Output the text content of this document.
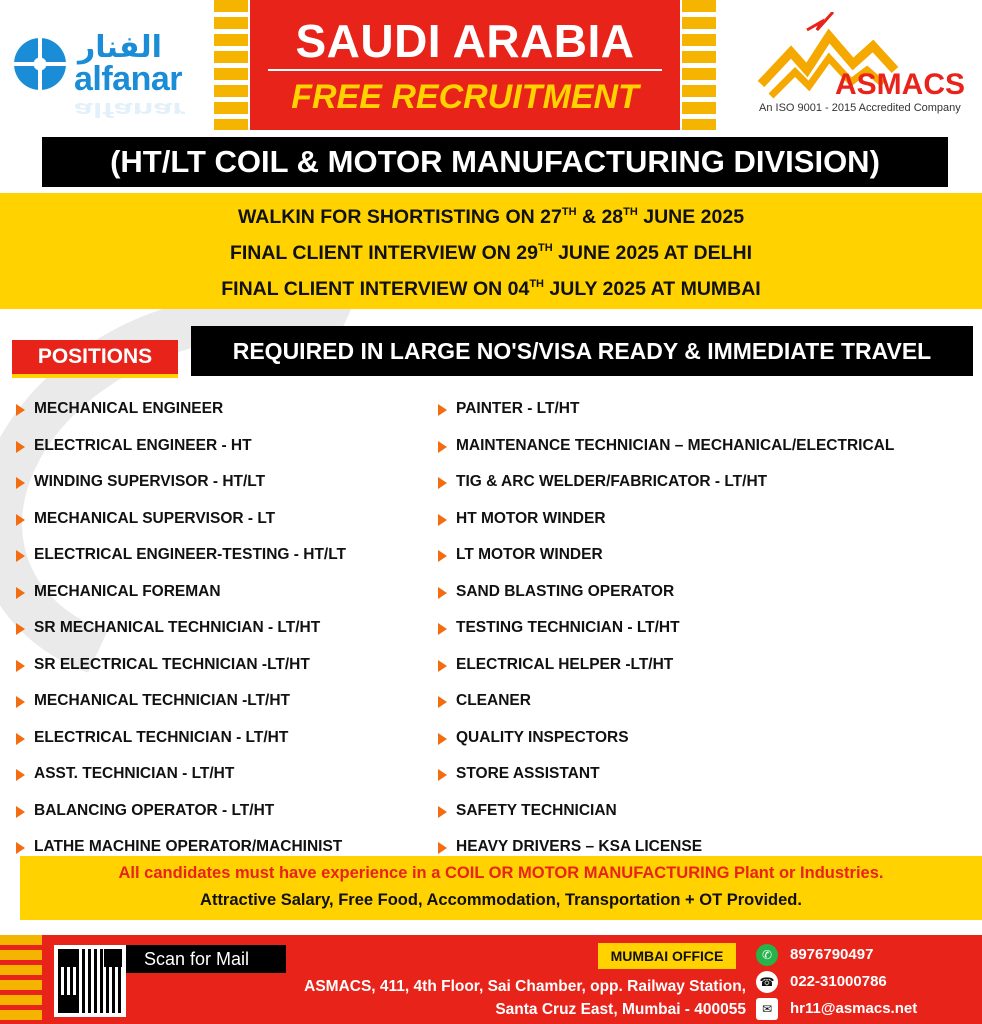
الفنار
alfanar
alfanar
SAUDI ARABIA
FREE RECRUITMENT	ASMACS
An ISO 9001 - 2015 Accredited Company
(HT/LT COIL & MOTOR MANUFACTURING DIVISION)
WALKIN FOR SHORTISTING ON 27TH & 28TH JUNE 2025
FINAL CLIENT INTERVIEW ON 29TH JUNE 2025 AT DELHI
FINAL CLIENT INTERVIEW ON 04TH JULY 2025 AT MUMBAI
POSITIONS	REQUIRED IN LARGE NO'S/VISA READY & IMMEDIATE TRAVEL
MECHANICAL ENGINEER
ELECTRICAL ENGINEER - HT
WINDING SUPERVISOR - HT/LT
MECHANICAL SUPERVISOR - LT
ELECTRICAL ENGINEER-TESTING - HT/LT
MECHANICAL FOREMAN
SR MECHANICAL TECHNICIAN - LT/HT
SR ELECTRICAL TECHNICIAN -LT/HT
MECHANICAL TECHNICIAN -LT/HT
ELECTRICAL TECHNICIAN - LT/HT
ASST. TECHNICIAN - LT/HT
BALANCING OPERATOR - LT/HT
LATHE MACHINE OPERATOR/MACHINIST
PAINTER - LT/HT
MAINTENANCE TECHNICIAN – MECHANICAL/ELECTRICAL
TIG & ARC WELDER/FABRICATOR - LT/HT
HT MOTOR WINDER
LT MOTOR WINDER
SAND BLASTING OPERATOR
TESTING TECHNICIAN - LT/HT
ELECTRICAL HELPER -LT/HT
CLEANER
QUALITY INSPECTORS
STORE ASSISTANT
SAFETY TECHNICIAN
HEAVY DRIVERS – KSA LICENSE
All candidates must have experience in a COIL OR MOTOR MANUFACTURING Plant or Industries.
Attractive Salary, Free Food, Accommodation, Transportation + OT Provided.
Scan for Mail	MUMBAI OFFICE
ASMACS, 411, 4th Floor, Sai Chamber, opp. Railway Station,
Santa Cruz East, Mumbai - 400055
✆	8976790497
☎ 022-31000786
✉	hr11@asmacs.net
